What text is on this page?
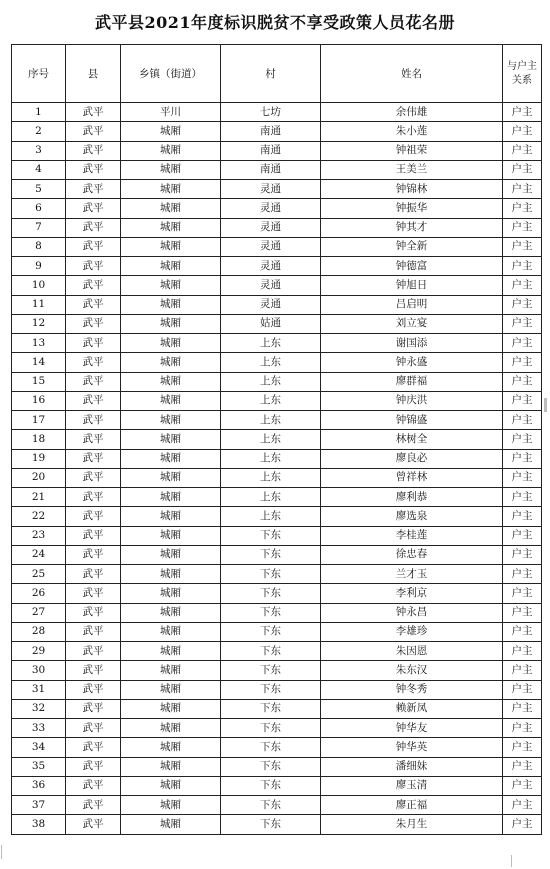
武平县2021年度标识脱贫不享受政策人员花名册
序号	县	乡镇（街道）	村	姓名	与户主关系
1	武平	平川	七坊	余伟雄	户主
2	武平	城厢	南通	朱小莲	户主
3	武平	城厢	南通	钟祖荣	户主
4	武平	城厢	南通	王美兰	户主
5	武平	城厢	灵通	钟锦林	户主
6	武平	城厢	灵通	钟振华	户主
7	武平	城厢	灵通	钟其才	户主
8	武平	城厢	灵通	钟全新	户主
9	武平	城厢	灵通	钟德富	户主
10	武平	城厢	灵通	钟旭日	户主
11	武平	城厢	灵通	吕启明	户主
12	武平	城厢	姑通	刘立宴	户主
13	武平	城厢	上东	谢国添	户主
14	武平	城厢	上东	钟永盛	户主
15	武平	城厢	上东	廖群福	户主
16	武平	城厢	上东	钟庆洪	户主
17	武平	城厢	上东	钟锦盛	户主
18	武平	城厢	上东	林树全	户主
19	武平	城厢	上东	廖良必	户主
20	武平	城厢	上东	曾祥林	户主
21	武平	城厢	上东	廖利恭	户主
22	武平	城厢	上东	廖选泉	户主
23	武平	城厢	下东	李桂莲	户主
24	武平	城厢	下东	徐忠春	户主
25	武平	城厢	下东	兰才玉	户主
26	武平	城厢	下东	李利京	户主
27	武平	城厢	下东	钟永昌	户主
28	武平	城厢	下东	李雄珍	户主
29	武平	城厢	下东	朱因恩	户主
30	武平	城厢	下东	朱东汉	户主
31	武平	城厢	下东	钟冬秀	户主
32	武平	城厢	下东	赖新凤	户主
33	武平	城厢	下东	钟华友	户主
34	武平	城厢	下东	钟华英	户主
35	武平	城厢	下东	潘细妹	户主
36	武平	城厢	下东	廖玉清	户主
37	武平	城厢	下东	廖正福	户主
38	武平	城厢	下东	朱月生	户主
